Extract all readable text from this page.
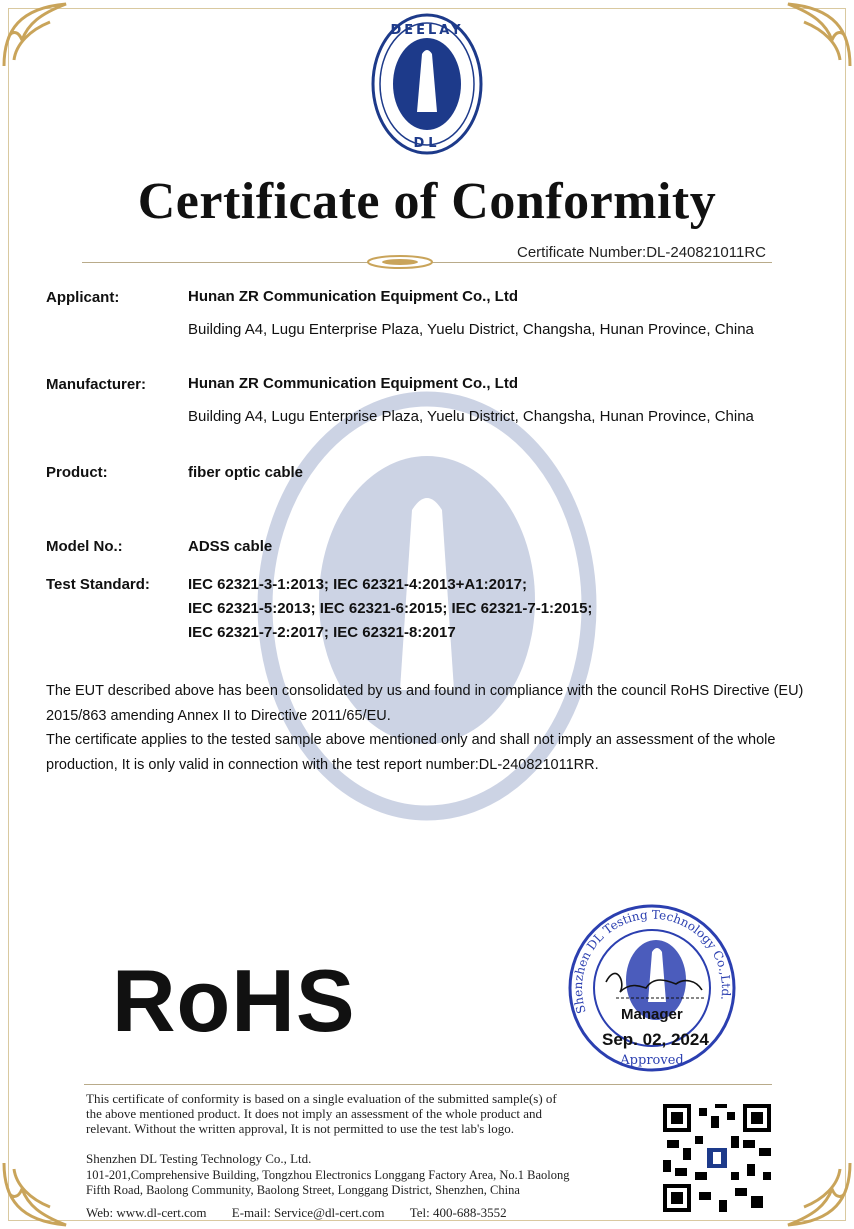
DEELAY
DL
Certificate of Conformity
Certificate Number:DL-240821011RC
Applicant:	Hunan ZR Communication Equipment Co., Ltd
Building A4, Lugu Enterprise Plaza, Yuelu District, Changsha, Hunan Province, China
Manufacturer:	Hunan ZR Communication Equipment Co., Ltd
Building A4, Lugu Enterprise Plaza, Yuelu District, Changsha, Hunan Province, China
Product:	fiber optic cable
Model No.:	ADSS cable
Test Standard:	IEC 62321-3-1:2013; IEC 62321-4:2013+A1:2017;
IEC 62321-5:2013; IEC 62321-6:2015; IEC 62321-7-1:2015;
IEC 62321-7-2:2017; IEC 62321-8:2017

The EUT described above has been consolidated by us and found in compliance with the council RoHS Directive (EU) 2015/863 amending Annex II to Directive 2011/65/EU.

The certificate applies to the tested sample above mentioned only and shall not imply an assessment of the whole production, It is only valid in connection with the test report number:DL-240821011RR.

RoHS	Shenzhen DL Testing Technology Co.,Ltd.
Approved
Manager
Sep. 02, 2024
This certificate of conformity is based on a single evaluation of the submitted sample(s) of
the above mentioned product. It does not imply an assessment of the whole product and
relevant. Without the written approval, It is not permitted to use the test lab's logo.
Shenzhen DL Testing Technology Co., Ltd.
101-201,Comprehensive Building, Tongzhou Electronics Longgang Factory Area, No.1 Baolong
Fifth Road, Baolong Community, Baolong Street, Longgang District, Shenzhen, China
Web: www.dl-cert.com E-mail: Service@dl-cert.com Tel: 400-688-3552
